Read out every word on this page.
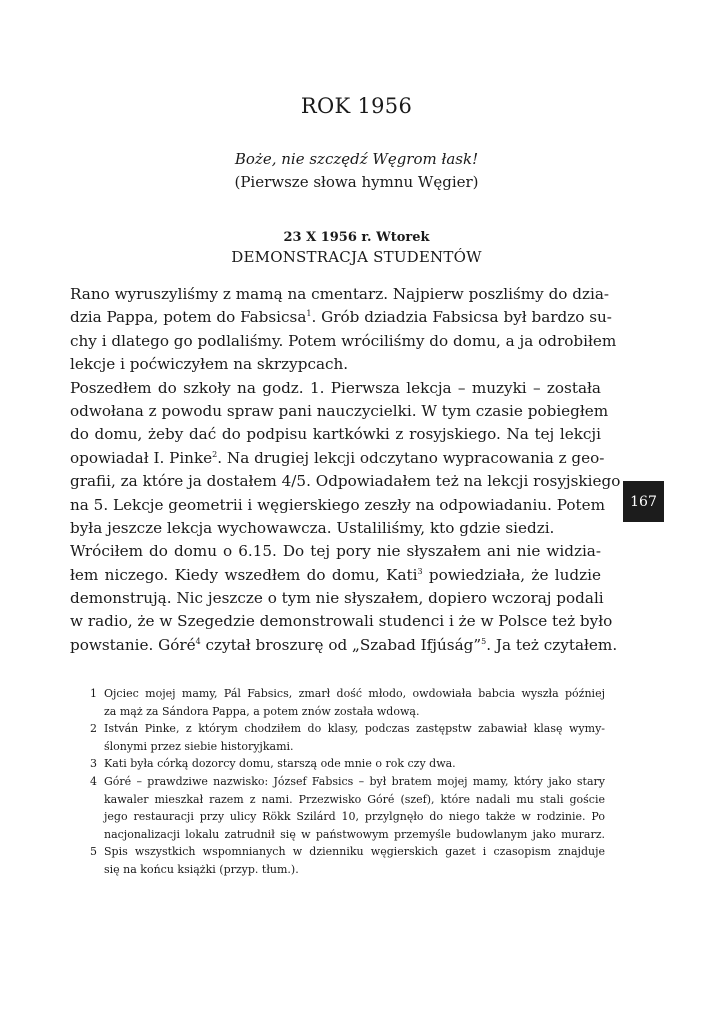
ROK 1956
Boże, nie szczędź Węgrom łask!
(Pierwsze słowa hymnu Węgier)
23 X 1956 r. Wtorek
DEMONSTRACJA STUDENTÓW
Rano wyruszyliśmy z mamą na cmentarz. Najpierw poszliśmy do dzia-
dzia Pappa, potem do Fabsicsa$^1$. Grób dziadzia Fabsicsa był bardzo su-
chy i dlatego go podlaliśmy. Potem wróciliśmy do domu, a ja odrobiłem
lekcje i poćwiczyłem na skrzypcach.
Poszedłem do szkoły na godz. 1. Pierwsza lekcja – muzyki – została
odwołana z powodu spraw pani nauczycielki. W tym czasie pobiegłem
do domu, żeby dać do podpisu kartkówki z rosyjskiego. Na tej lekcji
opowiadał I. Pinke$^2$. Na drugiej lekcji odczytano wypracowania z geo-
grafii, za które ja dostałem 4/5. Odpowiadałem też na lekcji rosyjskiego
na 5. Lekcje geometrii i węgierskiego zeszły na odpowiadaniu. Potem
była jeszcze lekcja wychowawcza. Ustaliliśmy, kto gdzie siedzi.
Wróciłem do domu o 6.15. Do tej pory nie słyszałem ani nie widzia-
łem niczego. Kiedy wszedłem do domu, Kati$^3$ powiedziała, że ludzie
demonstrują. Nic jeszcze o tym nie słyszałem, dopiero wczoraj podali
w radio, że w Szegedzie demonstrowali studenci i że w Polsce też było
powstanie. Góré$^4$ czytał broszurę od „Szabad Ifjúság”$^5$. Ja też czytałem.
167
1 Ojciec mojej mamy, Pál Fabsics, zmarł dość młodo, owdowiała babcia wyszła później
za mąż za Sándora Pappa, a potem znów została wdową.
2 István Pinke, z którym chodziłem do klasy, podczas zastępstw zabawiał klasę wymy-
ślonymi przez siebie historyjkami.
3 Kati była córką dozorcy domu, starszą ode mnie o rok czy dwa.
4 Góré – prawdziwe nazwisko: József Fabsics – był bratem mojej mamy, który jako stary
kawaler mieszkał razem z nami. Przezwisko Góré (szef), które nadali mu stali goście
jego restauracji przy ulicy Rökk Szilárd 10, przylgnęło do niego także w rodzinie. Po
nacjonalizacji lokalu zatrudnił się w państwowym przemyśle budowlanym jako murarz.
5 Spis wszystkich wspomnianych w dzienniku węgierskich gazet i czasopism znajduje
się na końcu książki (przyp. tłum.).
